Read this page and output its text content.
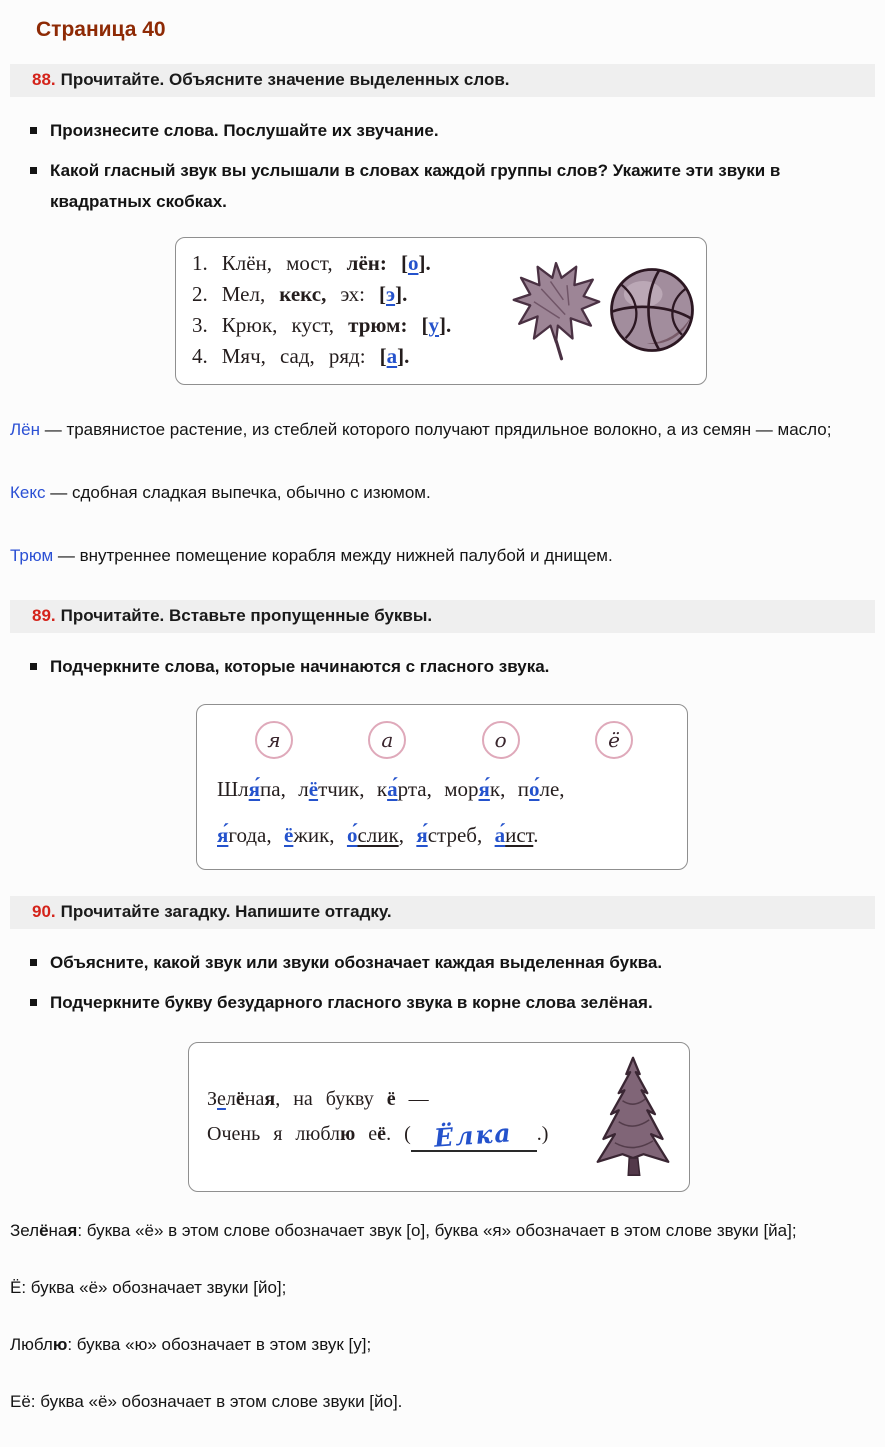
Страница 40
88. Прочитайте. Объясните значение выделенных слов.
Произнесите слова. Послушайте их звучание.
Какой гласный звук вы услышали в словах каждой группы слов? Укажите эти звуки в квадратных скобках.
1. Клён, мост, лён: [о].
2. Мел, кекс, эх: [э].
3. Крюк, куст, трюм: [у].
4. Мяч, сад, ряд: [а].
Лён — травянистое растение, из стеблей которого получают прядильное волокно, а из семян — масло;
Кекс — сдобная сладкая выпечка, обычно с изюмом.
Трюм — внутреннее помещение корабля между нижней палубой и днищем.
89. Прочитайте. Вставьте пропущенные буквы.
Подчеркните слова, которые начинаются с гласного звука.
я	а	о	ё
Шля́па, лётчик, ка́рта, моря́к, по́ле,
я́года, ёжик, о́слик, я́стреб, а́ист.
90. Прочитайте загадку. Напишите отгадку.
Объясните, какой звук или звуки обозначает каждая выделенная буква.
Подчеркните букву безударного гласного звука в корне слова зелёная.
Зелёная, на букву ё —
Очень я люблю её. ( Ёлка .)
Зелёная: буква «ё» в этом слове обозначает звук [о], буква «я» обозначает в этом слове звуки [йа];
Ё: буква «ё» обозначает звуки [йо];
Люблю: буква «ю» обозначает в этом звук [у];
Её: буква «ё» обозначает в этом слове звуки [йо].
